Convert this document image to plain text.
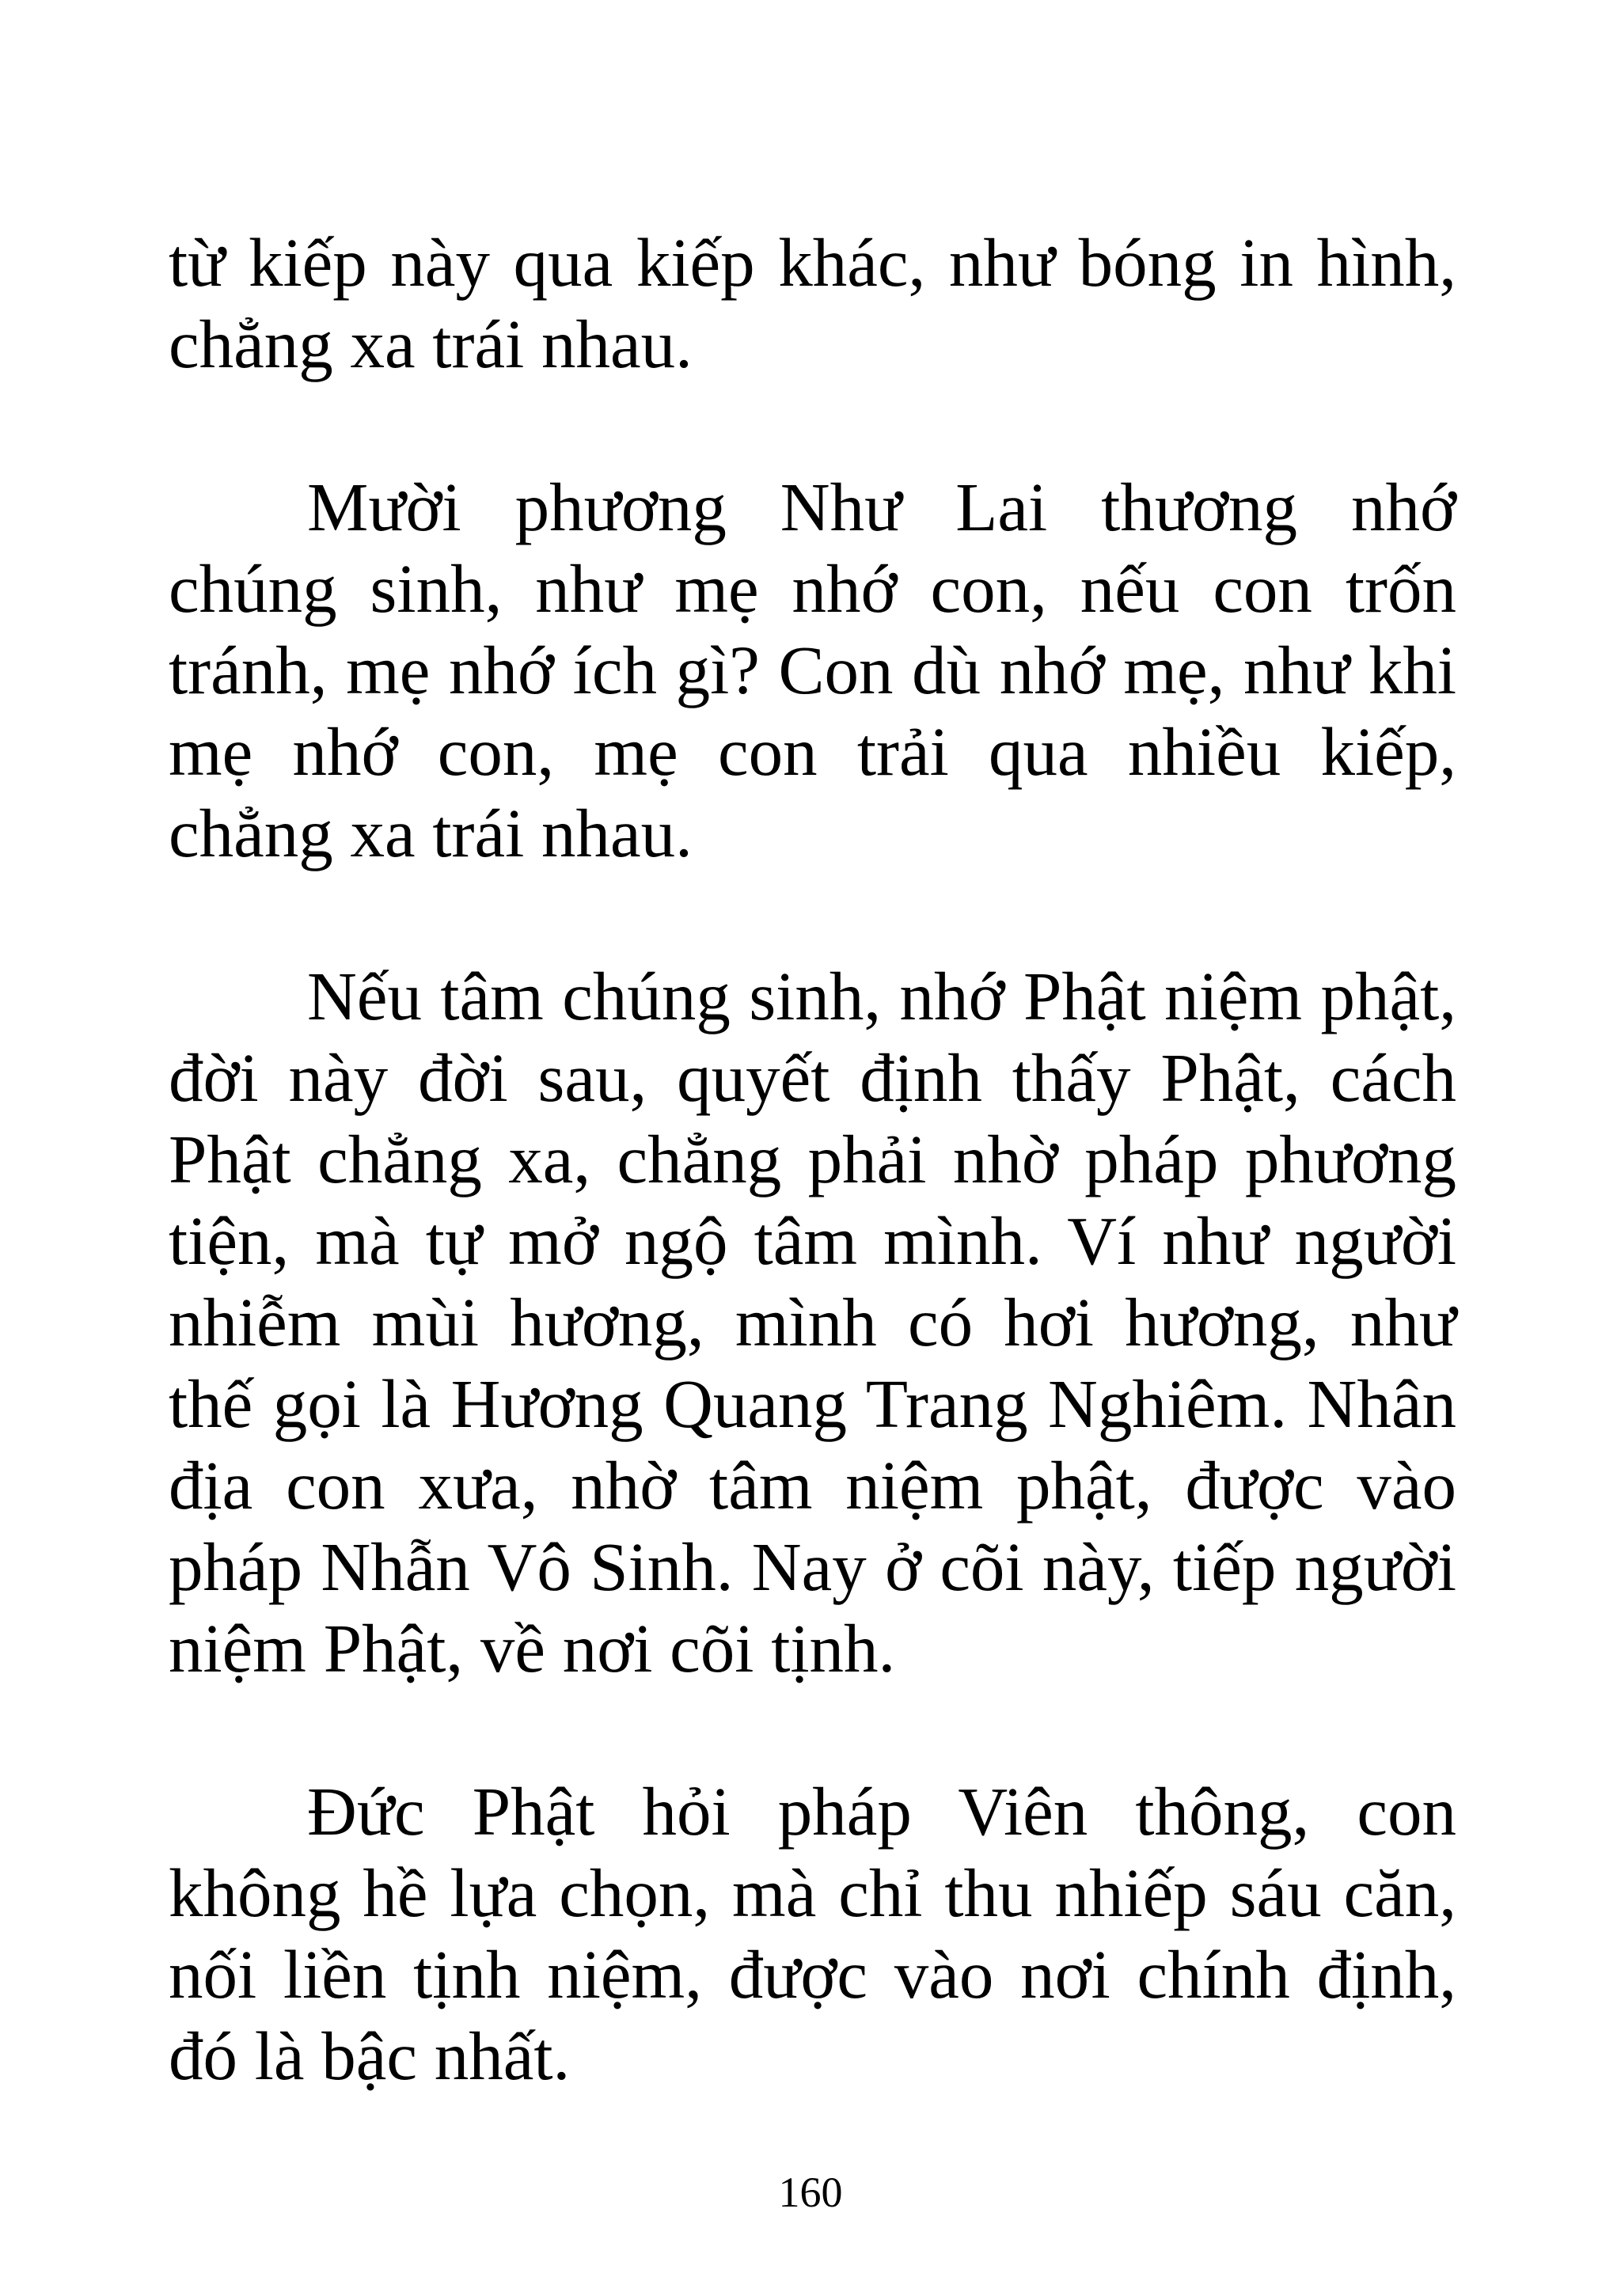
từ kiếp này qua kiếp khác, như bóng in hình, chẳng xa trái nhau.

Mười phương Như Lai thương nhớ chúng sinh, như mẹ nhớ con, nếu con trốn tránh, mẹ nhớ ích gì? Con dù nhớ mẹ, như khi mẹ nhớ con, mẹ con trải qua nhiều kiếp, chẳng xa trái nhau.

Nếu tâm chúng sinh, nhớ Phật niệm phật, đời này đời sau, quyết định thấy Phật, cách Phật chẳng xa, chẳng phải nhờ pháp phương tiện, mà tự mở ngộ tâm mình. Ví như người nhiễm mùi hương, mình có hơi hương, như thế gọi là Hương Quang Trang Nghiêm. Nhân địa con xưa, nhờ tâm niệm phật, được vào pháp Nhẫn Vô Sinh. Nay ở cõi này, tiếp người niệm Phật, về nơi cõi tịnh.

Đức Phật hỏi pháp Viên thông, con không hề lựa chọn, mà chỉ thu nhiếp sáu căn, nối liền tịnh niệm, được vào nơi chính định, đó là bậc nhất.

160
